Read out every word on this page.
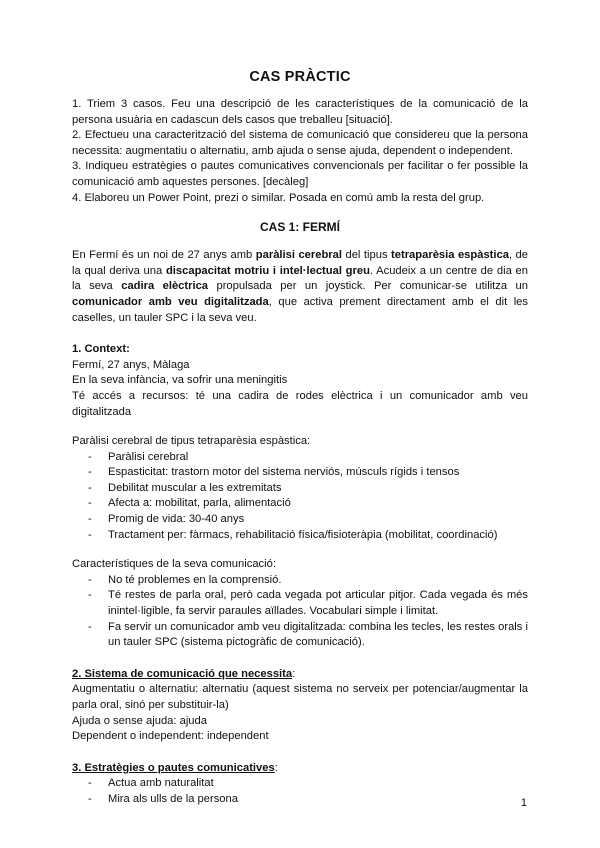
CAS PRÀCTIC

1. Triem 3 casos. Feu una descripció de les característiques de la comunicació de la persona usuària en cadascun dels casos que treballeu [situació].

2. Efectueu una caracterització del sistema de comunicació que considereu que la persona necessita: augmentatiu o alternatiu, amb ajuda o sense ajuda, dependent o independent.

3. Indiqueu estratègies o pautes comunicatives convencionals per facilitar o fer possible la comunicació amb aquestes persones. [decàleg]

4. Elaboreu un Power Point, prezi o similar. Posada en comú amb la resta del grup.

CAS 1: FERMÍ

En Fermí és un noi de 27 anys amb paràlisi cerebral del tipus tetraparèsia espàstica, de la qual deriva una discapacitat motriu i intel·lectual greu. Acudeix a un centre de dia en la seva cadira elèctrica propulsada per un joystick. Per comunicar-se utilitza un comunicador amb veu digitalitzada, que activa prement directament amb el dit les caselles, un tauler SPC i la seva veu.

1. Context:

Fermí, 27 anys, Màlaga

En la seva infància, va sofrir una meningitis

Té accés a recursos: té una cadira de rodes elèctrica i un comunicador amb veu digitalitzada

Paràlisi cerebral de tipus tetraparèsia espàstica:

- Paràlisi cerebral
- Espasticitat: trastorn motor del sistema nerviós, músculs rígids i tensos
- Debilitat muscular a les extremitats
- Afecta a: mobilitat, parla, alimentació
- Promig de vida: 30-40 anys
- Tractament per: fàrmacs, rehabilitació física/fisioteràpia (mobilitat, coordinació)

Característiques de la seva comunicació:

- No té problemes en la comprensió.
- Té restes de parla oral, però cada vegada pot articular pitjor. Cada vegada és més inintel·ligible, fa servir paraules aïllades. Vocabulari simple i limitat.
- Fa servir un comunicador amb veu digitalitzada: combina les tecles, les restes orals i un tauler SPC (sistema pictogràfic de comunicació).

2. Sistema de comunicació que necessita:

Augmentatiu o alternatiu: alternatiu (aquest sistema no serveix per potenciar/augmentar la parla oral, sinó per substituir-la)

Ajuda o sense ajuda: ajuda

Dependent o independent: independent

3. Estratègies o pautes comunicatives:

- Actua amb naturalitat
- Mira als ulls de la persona	1
